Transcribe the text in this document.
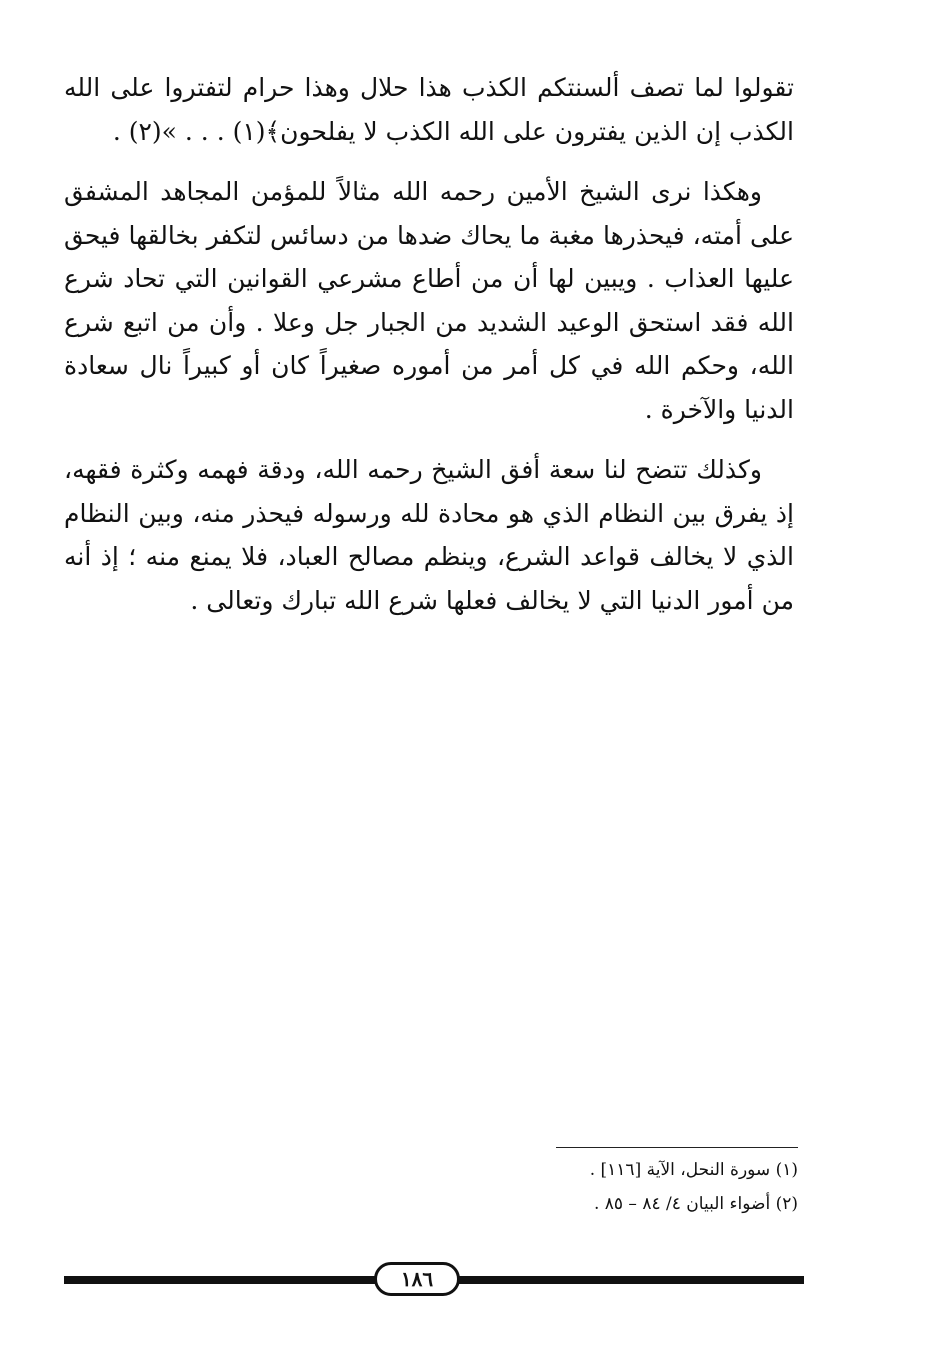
تقولوا لما تصف ألسنتكم الكذب هذا حلال وهذا حرام لتفتروا على الله الكذب إن الذين يفترون على الله الكذب لا يفلحون﴾(١) . . . »(٢) .

وهكذا نرى الشيخ الأمين رحمه الله مثالاً للمؤمن المجاهد المشفق على أمته، فيحذرها مغبة ما يحاك ضدها من دسائس لتكفر بخالقها فيحق عليها العذاب . ويبين لها أن من أطاع مشرعي القوانين التي تحاد شرع الله فقد استحق الوعيد الشديد من الجبار جل وعلا . وأن من اتبع شرع الله، وحكم الله في كل أمر من أموره صغيراً كان أو كبيراً نال سعادة الدنيا والآخرة .

وكذلك تتضح لنا سعة أفق الشيخ رحمه الله، ودقة فهمه وكثرة فقهه، إذ يفرق بين النظام الذي هو محادة لله ورسوله فيحذر منه، وبين النظام الذي لا يخالف قواعد الشرع، وينظم مصالح العباد، فلا يمنع منه ؛ إذ أنه من أمور الدنيا التي لا يخالف فعلها شرع الله تبارك وتعالى .

(١) سورة النحل، الآية [١١٦] .
(٢) أضواء البيان ٤/ ٨٤ – ٨٥ .
١٨٦
